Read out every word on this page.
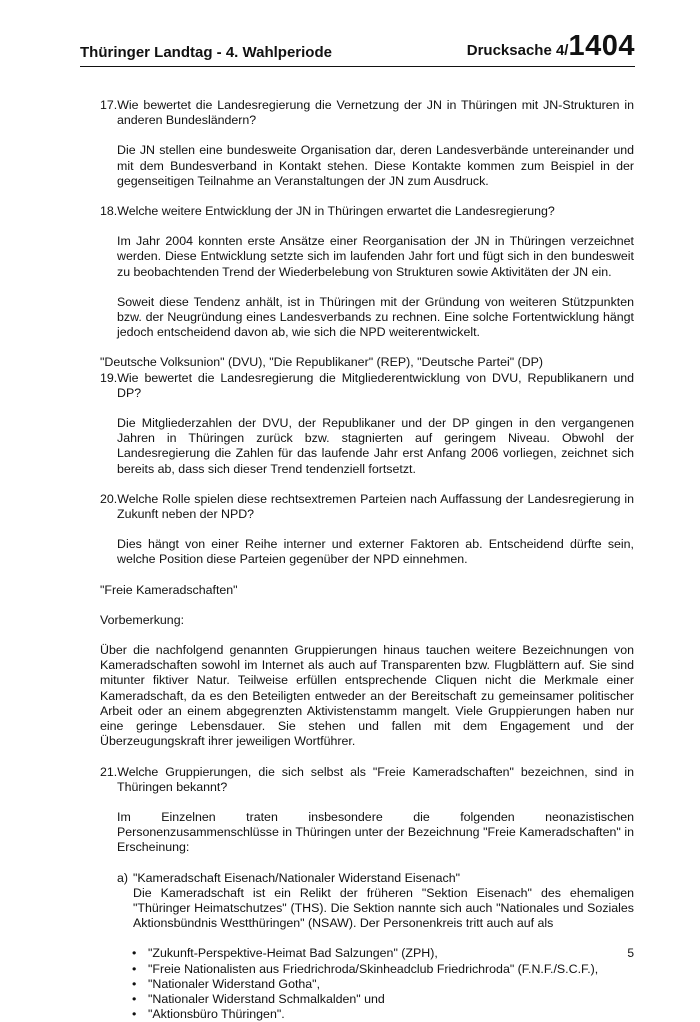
Thüringer Landtag - 4. Wahlperiode	Drucksache 4/1404

17.Wie bewertet die Landesregierung die Vernetzung der JN in Thüringen mit JN-Strukturen in anderen Bundesländern?

Die JN stellen eine bundesweite Organisation dar, deren Landesverbände untereinander und mit dem Bundesverband in Kontakt stehen. Diese Kontakte kommen zum Beispiel in der gegenseitigen Teilnahme an Veranstaltungen der JN zum Ausdruck.

18.Welche weitere Entwicklung der JN in Thüringen erwartet die Landesregierung?

Im Jahr 2004 konnten erste Ansätze einer Reorganisation der JN in Thüringen verzeichnet werden. Diese Entwicklung setzte sich im laufenden Jahr fort und fügt sich in den bundesweit zu beobachtenden Trend der Wiederbelebung von Strukturen sowie Aktivitäten der JN ein.

Soweit diese Tendenz anhält, ist in Thüringen mit der Gründung von weiteren Stützpunkten bzw. der Neugründung eines Landesverbands zu rechnen. Eine solche Fortentwicklung hängt jedoch entscheidend davon ab, wie sich die NPD weiterentwickelt.

"Deutsche Volksunion" (DVU), "Die Republikaner" (REP), "Deutsche Partei" (DP)

19.Wie bewertet die Landesregierung die Mitgliederentwicklung von DVU, Republikanern und DP?

Die Mitgliederzahlen der DVU, der Republikaner und der DP gingen in den vergangenen Jahren in Thüringen zurück bzw. stagnierten auf geringem Niveau. Obwohl der Landesregierung die Zahlen für das laufende Jahr erst Anfang 2006 vorliegen, zeichnet sich bereits ab, dass sich dieser Trend tendenziell fortsetzt.

20.Welche Rolle spielen diese rechtsextremen Parteien nach Auffassung der Landesregierung in Zukunft neben der NPD?

Dies hängt von einer Reihe interner und externer Faktoren ab. Entscheidend dürfte sein, welche Position diese Parteien gegenüber der NPD einnehmen.

"Freie Kameradschaften"

Vorbemerkung:

Über die nachfolgend genannten Gruppierungen hinaus tauchen weitere Bezeichnungen von Kameradschaften sowohl im Internet als auch auf Transparenten bzw. Flugblättern auf. Sie sind mitunter fiktiver Natur. Teilweise erfüllen entsprechende Cliquen nicht die Merkmale einer Kameradschaft, da es den Beteiligten entweder an der Bereitschaft zu gemeinsamer politischer Arbeit oder an einem abgegrenzten Aktivistenstamm mangelt. Viele Gruppierungen haben nur eine geringe Lebensdauer. Sie stehen und fallen mit dem Engagement und der Überzeugungskraft ihrer jeweiligen Wortführer.

21.Welche Gruppierungen, die sich selbst als "Freie Kameradschaften" bezeichnen, sind in Thüringen bekannt?

Im Einzelnen traten insbesondere die folgenden neonazistischen Personenzusammenschlüsse in Thüringen unter der Bezeichnung "Freie Kameradschaften" in Erscheinung:

a) "Kameradschaft Eisenach/Nationaler Widerstand Eisenach"

Die Kameradschaft ist ein Relikt der früheren "Sektion Eisenach" des ehemaligen "Thüringer Heimatschutzes" (THS). Die Sektion nannte sich auch "Nationales und Soziales Aktionsbündnis Westthüringen" (NSAW). Der Personenkreis tritt auch auf als

• "Zukunft-Perspektive-Heimat Bad Salzungen" (ZPH),
• "Freie Nationalisten aus Friedrichroda/Skinheadclub Friedrichroda" (F.N.F./S.C.F.),
• "Nationaler Widerstand Gotha",
• "Nationaler Widerstand Schmalkalden" und
• "Aktionsbüro Thüringen".
5
